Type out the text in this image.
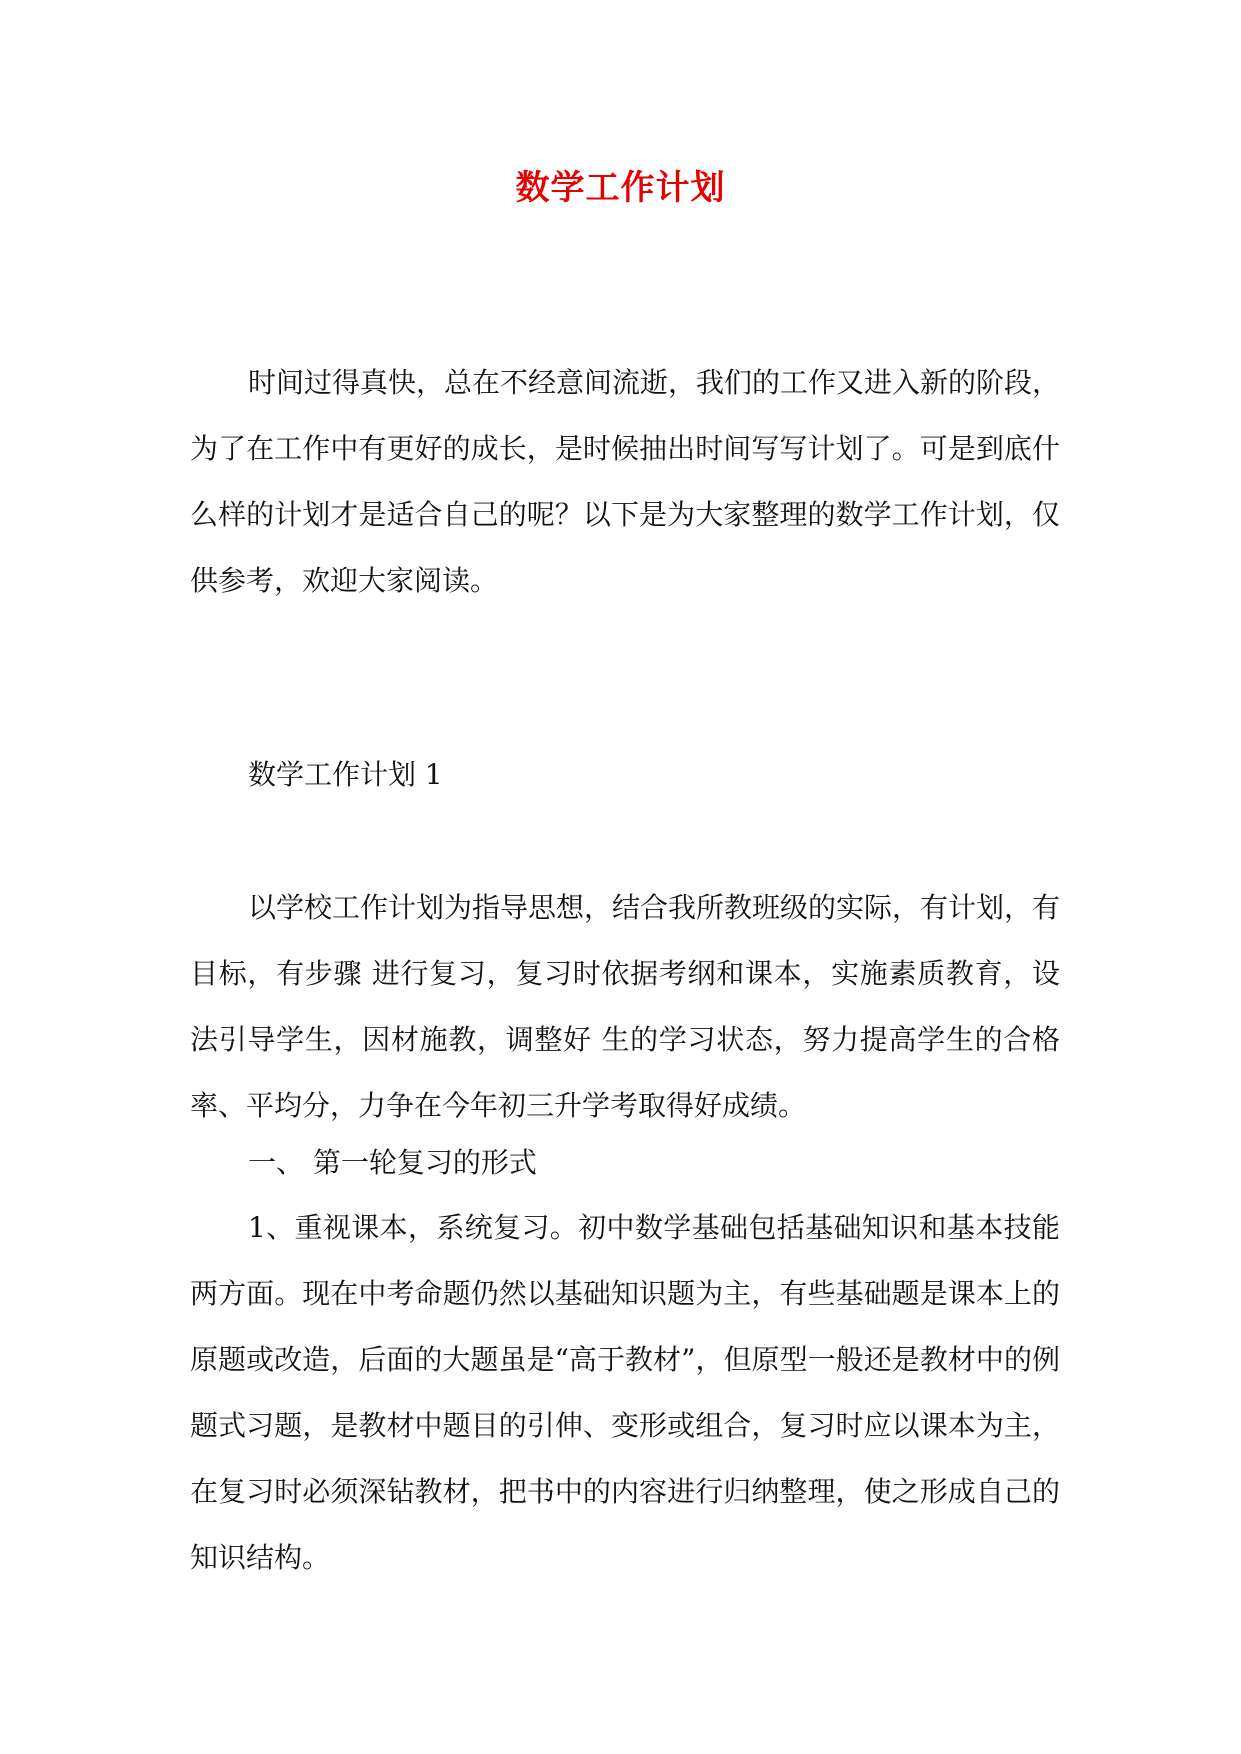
数学工作计划
时间过得真快，总在不经意间流逝，我们的工作又进入新的阶段，为了在工作中有更好的成长，是时候抽出时间写写计划了。可是到底什么样的计划才是适合自己的呢？以下是为大家整理的数学工作计划，仅供参考，欢迎大家阅读。
数学工作计划 1
以学校工作计划为指导思想，结合我所教班级的实际，有计划，有目标，有步骤 进行复习，复习时依据考纲和课本，实施素质教育，设法引导学生，因材施教，调整好 生的学习状态，努力提高学生的合格率、平均分，力争在今年初三升学考取得好成绩。
一、 第一轮复习的形式
1、重视课本，系统复习。初中数学基础包括基础知识和基本技能两方面。现在中考命题仍然以基础知识题为主，有些基础题是课本上的原题或改造，后面的大题虽是“高于教材”，但原型一般还是教材中的例题式习题，是教材中题目的引伸、变形或组合，复习时应以课本为主，在复习时必须深钻教材，把书中的内容进行归纳整理，使之形成自己的知识结构。
